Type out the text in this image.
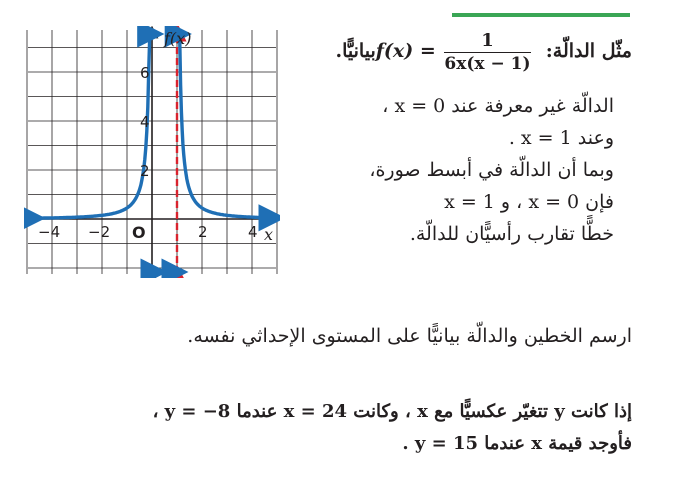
−4 −2	2	4
2
4
6
f(x)
x
O
مثّل الدالّة: $f(x) = \frac{1}{6x(x - 1)}$
بيانيًّا.
الدالّة غير معرفة عند x = 0 ،
وعند x = 1 .
وبما أن الدالّة في أبسط صورة،
فإن x = 0 ، و x = 1
خطًّا تقارب رأسيًّان للدالّة.
ارسم الخطين والدالّة بيانيًّا على المستوى الإحداثي نفسه.
إذا كانت y تتغيّر عكسيًّا مع x ، وكانت x = 24 عندما y = −8 ،
فأوجد قيمة x عندما y = 15 .
